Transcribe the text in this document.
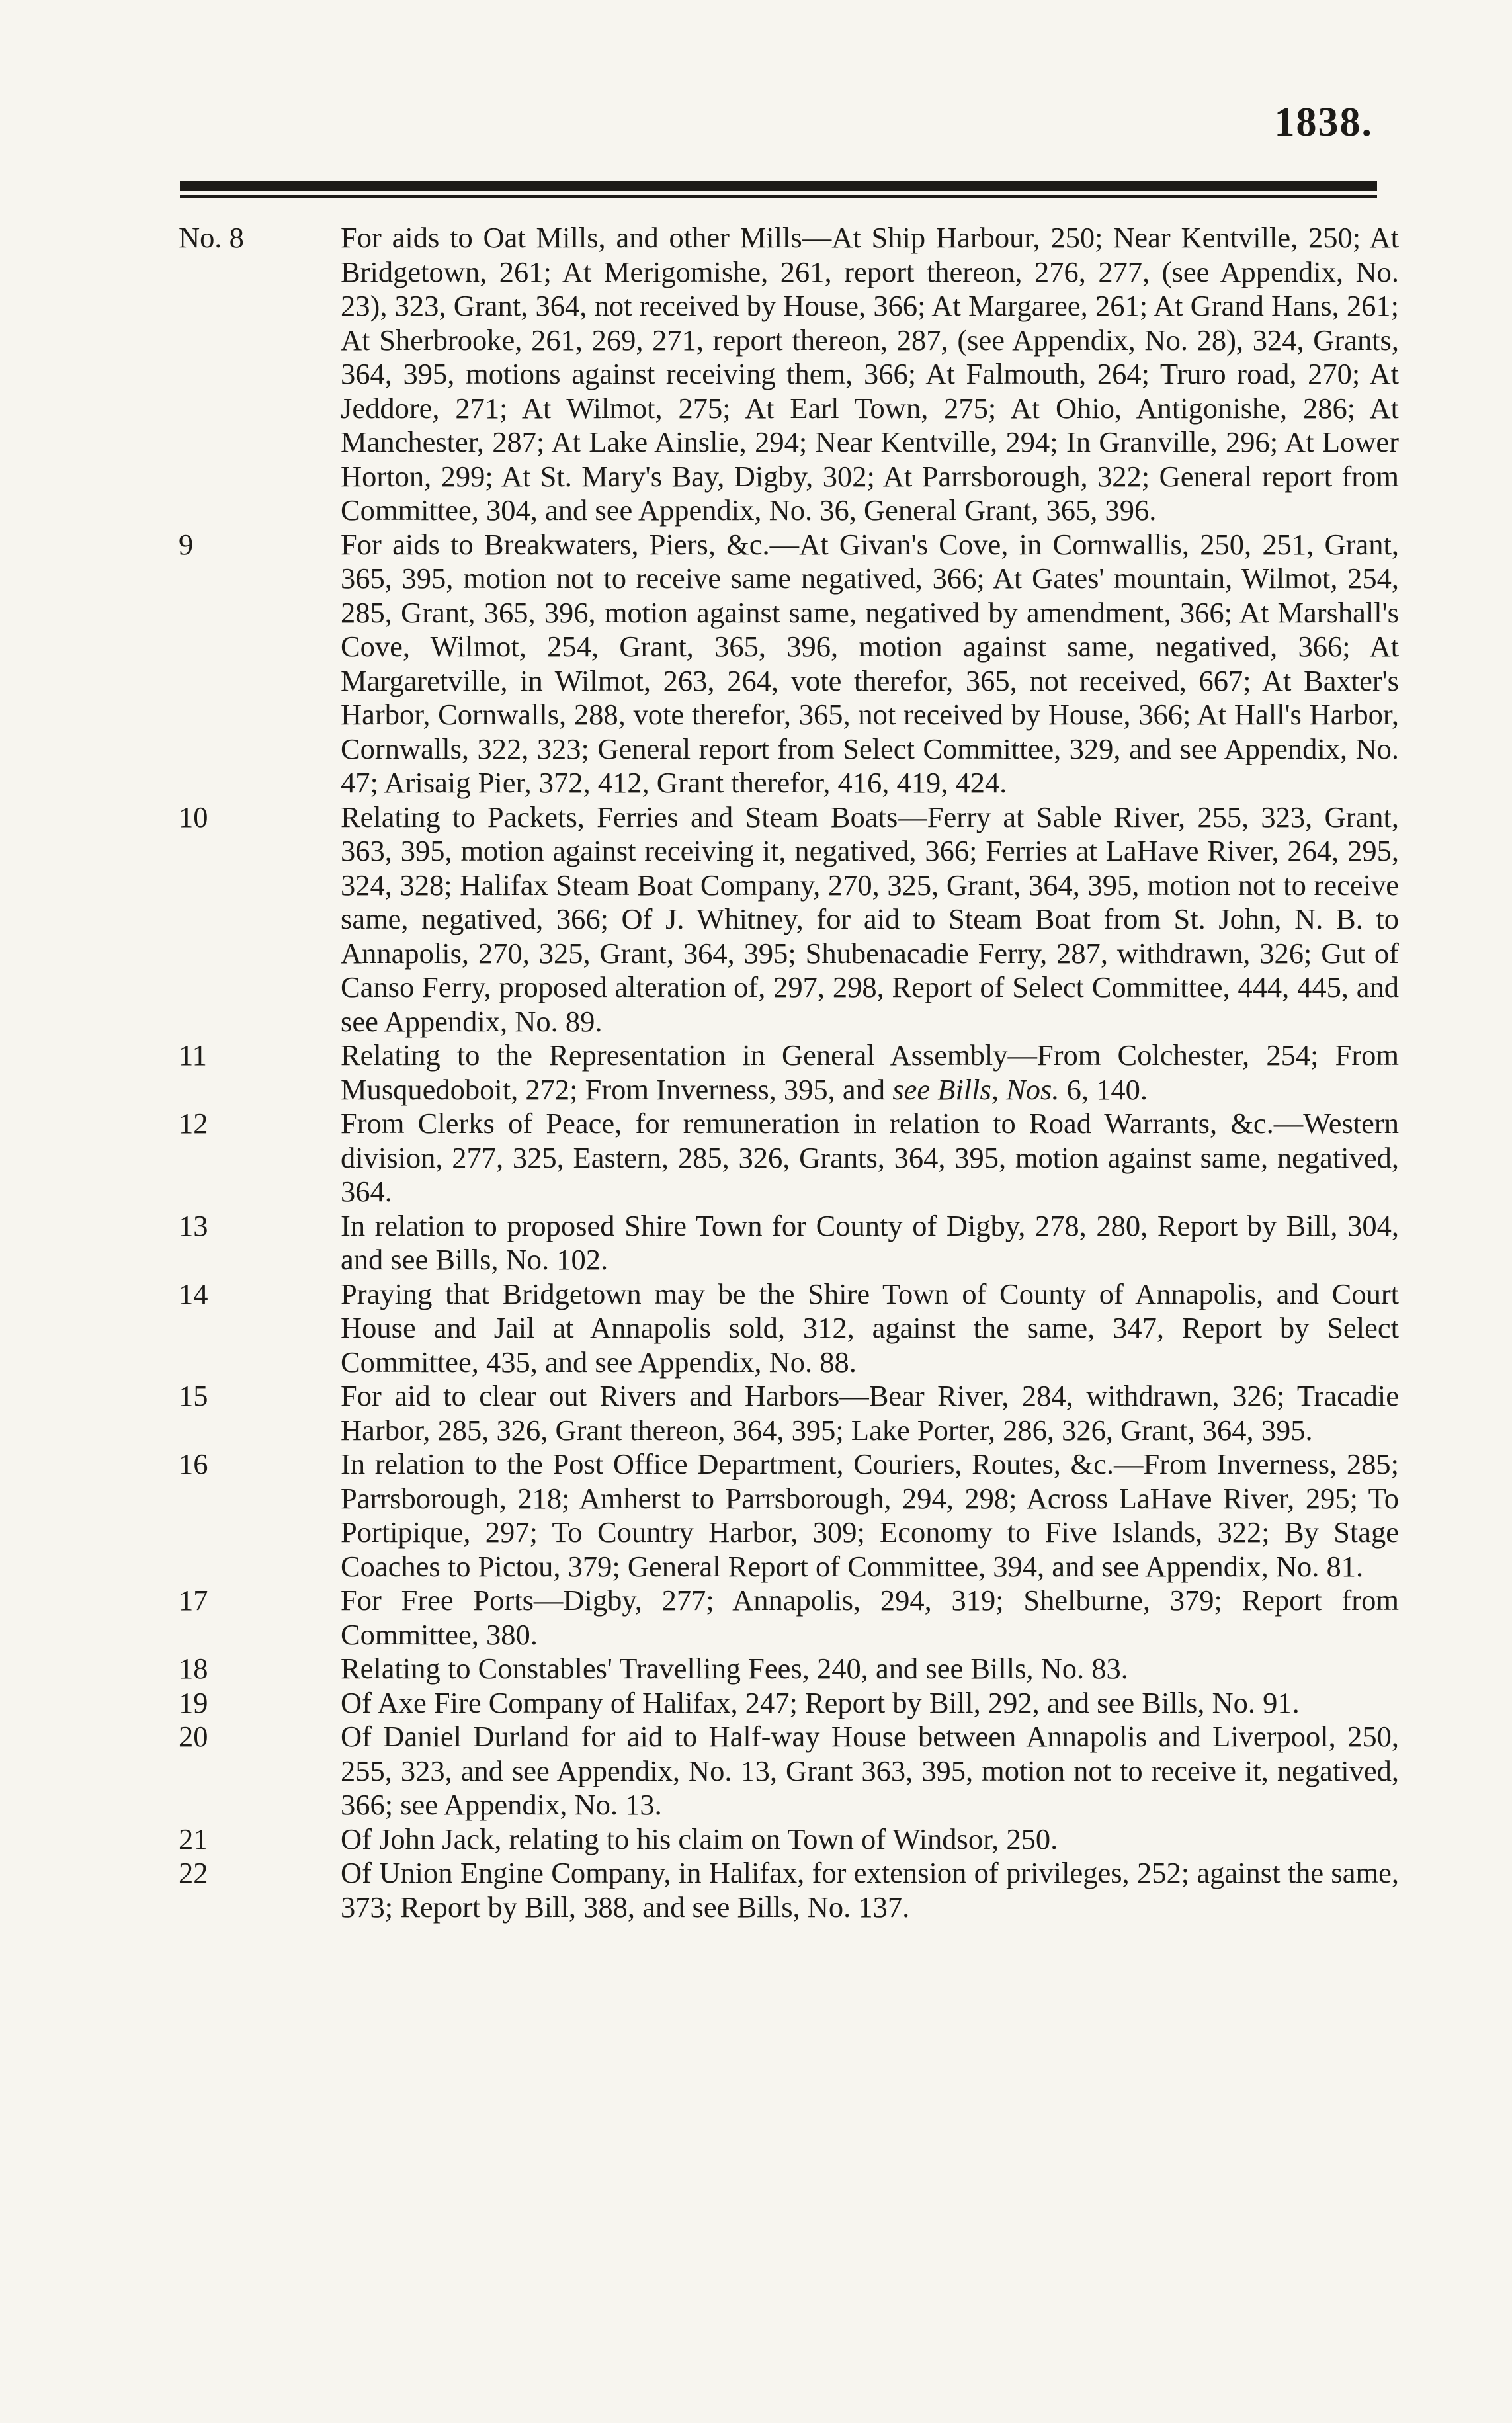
1838.
No. 8	For aids to Oat Mills, and other Mills—At Ship Harbour, 250; Near Kentville, 250; At Bridgetown, 261; At Merigomishe, 261, report thereon, 276, 277, (see Appendix, No. 23), 323, Grant, 364, not received by House, 366; At Margaree, 261; At Grand Hans, 261; At Sherbrooke, 261, 269, 271, report thereon, 287, (see Appendix, No. 28), 324, Grants, 364, 395, motions against receiving them, 366; At Falmouth, 264; Truro road, 270; At Jeddore, 271; At Wilmot, 275; At Earl Town, 275; At Ohio, Antigonishe, 286; At Manchester, 287; At Lake Ainslie, 294; Near Kentville, 294; In Granville, 296; At Lower Horton, 299; At St. Mary's Bay, Digby, 302; At Parrsborough, 322; General report from Committee, 304, and see Appendix, No. 36, General Grant, 365, 396.
9	For aids to Breakwaters, Piers, &c.—At Givan's Cove, in Cornwallis, 250, 251, Grant, 365, 395, motion not to receive same negatived, 366; At Gates' mountain, Wilmot, 254, 285, Grant, 365, 396, motion against same, negatived by amendment, 366; At Marshall's Cove, Wilmot, 254, Grant, 365, 396, motion against same, negatived, 366; At Margaretville, in Wilmot, 263, 264, vote therefor, 365, not received, 667; At Baxter's Harbor, Cornwalls, 288, vote therefor, 365, not received by House, 366; At Hall's Harbor, Cornwalls, 322, 323; General report from Select Committee, 329, and see Appendix, No. 47; Arisaig Pier, 372, 412, Grant therefor, 416, 419, 424.
10	Relating to Packets, Ferries and Steam Boats—Ferry at Sable River, 255, 323, Grant, 363, 395, motion against receiving it, negatived, 366; Ferries at LaHave River, 264, 295, 324, 328; Halifax Steam Boat Company, 270, 325, Grant, 364, 395, motion not to receive same, negatived, 366; Of J. Whitney, for aid to Steam Boat from St. John, N. B. to Annapolis, 270, 325, Grant, 364, 395; Shubenacadie Ferry, 287, withdrawn, 326; Gut of Canso Ferry, proposed alteration of, 297, 298, Report of Select Committee, 444, 445, and see Appendix, No. 89.
11	Relating to the Representation in General Assembly—From Colchester, 254; From Musquedoboit, 272; From Inverness, 395, and see Bills, Nos. 6, 140.
12	From Clerks of Peace, for remuneration in relation to Road Warrants, &c.—Western division, 277, 325, Eastern, 285, 326, Grants, 364, 395, motion against same, negatived, 364.
13	In relation to proposed Shire Town for County of Digby, 278, 280, Report by Bill, 304, and see Bills, No. 102.
14	Praying that Bridgetown may be the Shire Town of County of Annapolis, and Court House and Jail at Annapolis sold, 312, against the same, 347, Report by Select Committee, 435, and see Appendix, No. 88.
15	For aid to clear out Rivers and Harbors—Bear River, 284, withdrawn, 326; Tracadie Harbor, 285, 326, Grant thereon, 364, 395; Lake Porter, 286, 326, Grant, 364, 395.
16	In relation to the Post Office Department, Couriers, Routes, &c.—From Inverness, 285; Parrsborough, 218; Amherst to Parrsborough, 294, 298; Across LaHave River, 295; To Portipique, 297; To Country Harbor, 309; Economy to Five Islands, 322; By Stage Coaches to Pictou, 379; General Report of Committee, 394, and see Appendix, No. 81.
17	For Free Ports—Digby, 277; Annapolis, 294, 319; Shelburne, 379; Report from Committee, 380.
18	Relating to Constables' Travelling Fees, 240, and see Bills, No. 83.
19	Of Axe Fire Company of Halifax, 247; Report by Bill, 292, and see Bills, No. 91.
20	Of Daniel Durland for aid to Half-way House between Annapolis and Liverpool, 250, 255, 323, and see Appendix, No. 13, Grant 363, 395, motion not to receive it, negatived, 366; see Appendix, No. 13.
21	Of John Jack, relating to his claim on Town of Windsor, 250.
22	Of Union Engine Company, in Halifax, for extension of privileges, 252; against the same, 373; Report by Bill, 388, and see Bills, No. 137.
